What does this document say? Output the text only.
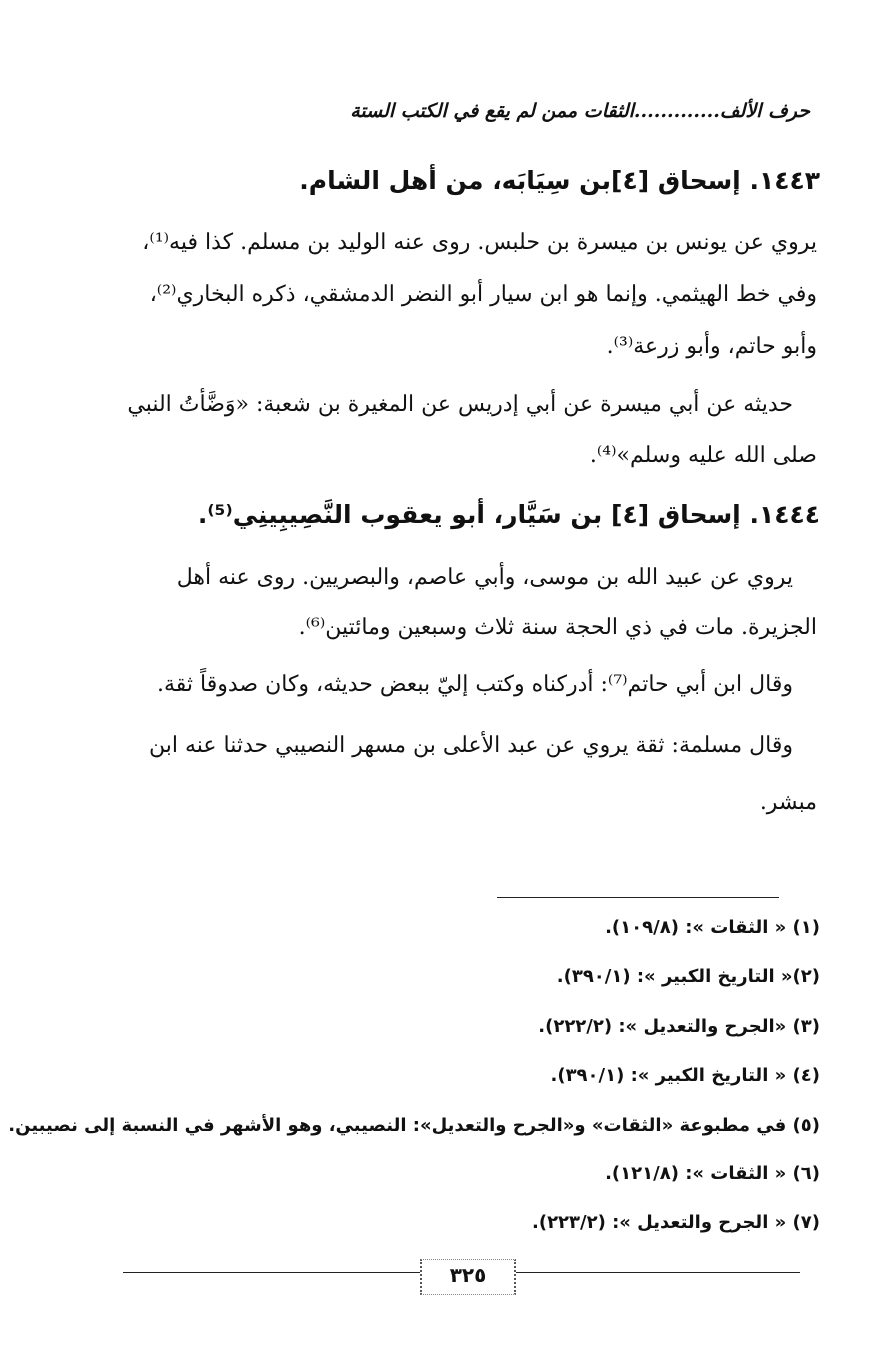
حرف الألف.............الثقات ممن لم يقع في الكتب الستة
١٤٤٣. إسحاق [٤]بن سِيَابَه، من أهل الشام.
يروي عن يونس بن ميسرة بن حلبس. روى عنه الوليد بن مسلم. كذا فيه⁽¹⁾،
وفي خط الهيثمي. وإنما هو ابن سيار أبو النضر الدمشقي، ذكره البخاري⁽²⁾،
وأبو حاتم، وأبو زرعة⁽³⁾.
حديثه عن أبي ميسرة عن أبي إدريس عن المغيرة بن شعبة: «وَضَّأتُ النبي
صلى الله عليه وسلم»⁽⁴⁾.
١٤٤٤. إسحاق [٤] بن سَيَّار، أبو يعقوب النَّصِيبِينِي⁽⁵⁾.
يروي عن عبيد الله بن موسى، وأبي عاصم، والبصريين. روى عنه أهل
الجزيرة. مات في ذي الحجة سنة ثلاث وسبعين ومائتين⁽⁶⁾.
وقال ابن أبي حاتم⁽⁷⁾: أدركناه وكتب إليّ ببعض حديثه، وكان صدوقاً ثقة.
وقال مسلمة: ثقة يروي عن عبد الأعلى بن مسهر النصيبي حدثنا عنه ابن
مبشر.
(١) « الثقات »: (١٠٩/٨).
(٢)« التاريخ الكبير »: (٣٩٠/١).
(٣) «الجرح والتعديل »: (٢٢٢/٢).
(٤) « التاريخ الكبير »: (٣٩٠/١).
(٥) في مطبوعة «الثقات» و«الجرح والتعديل»: النصيبي، وهو الأشهر في النسبة إلى نصيبين.
(٦) « الثقات »: (١٢١/٨).
(٧) « الجرح والتعديل »: (٢٢٣/٢).
٣٢٥
